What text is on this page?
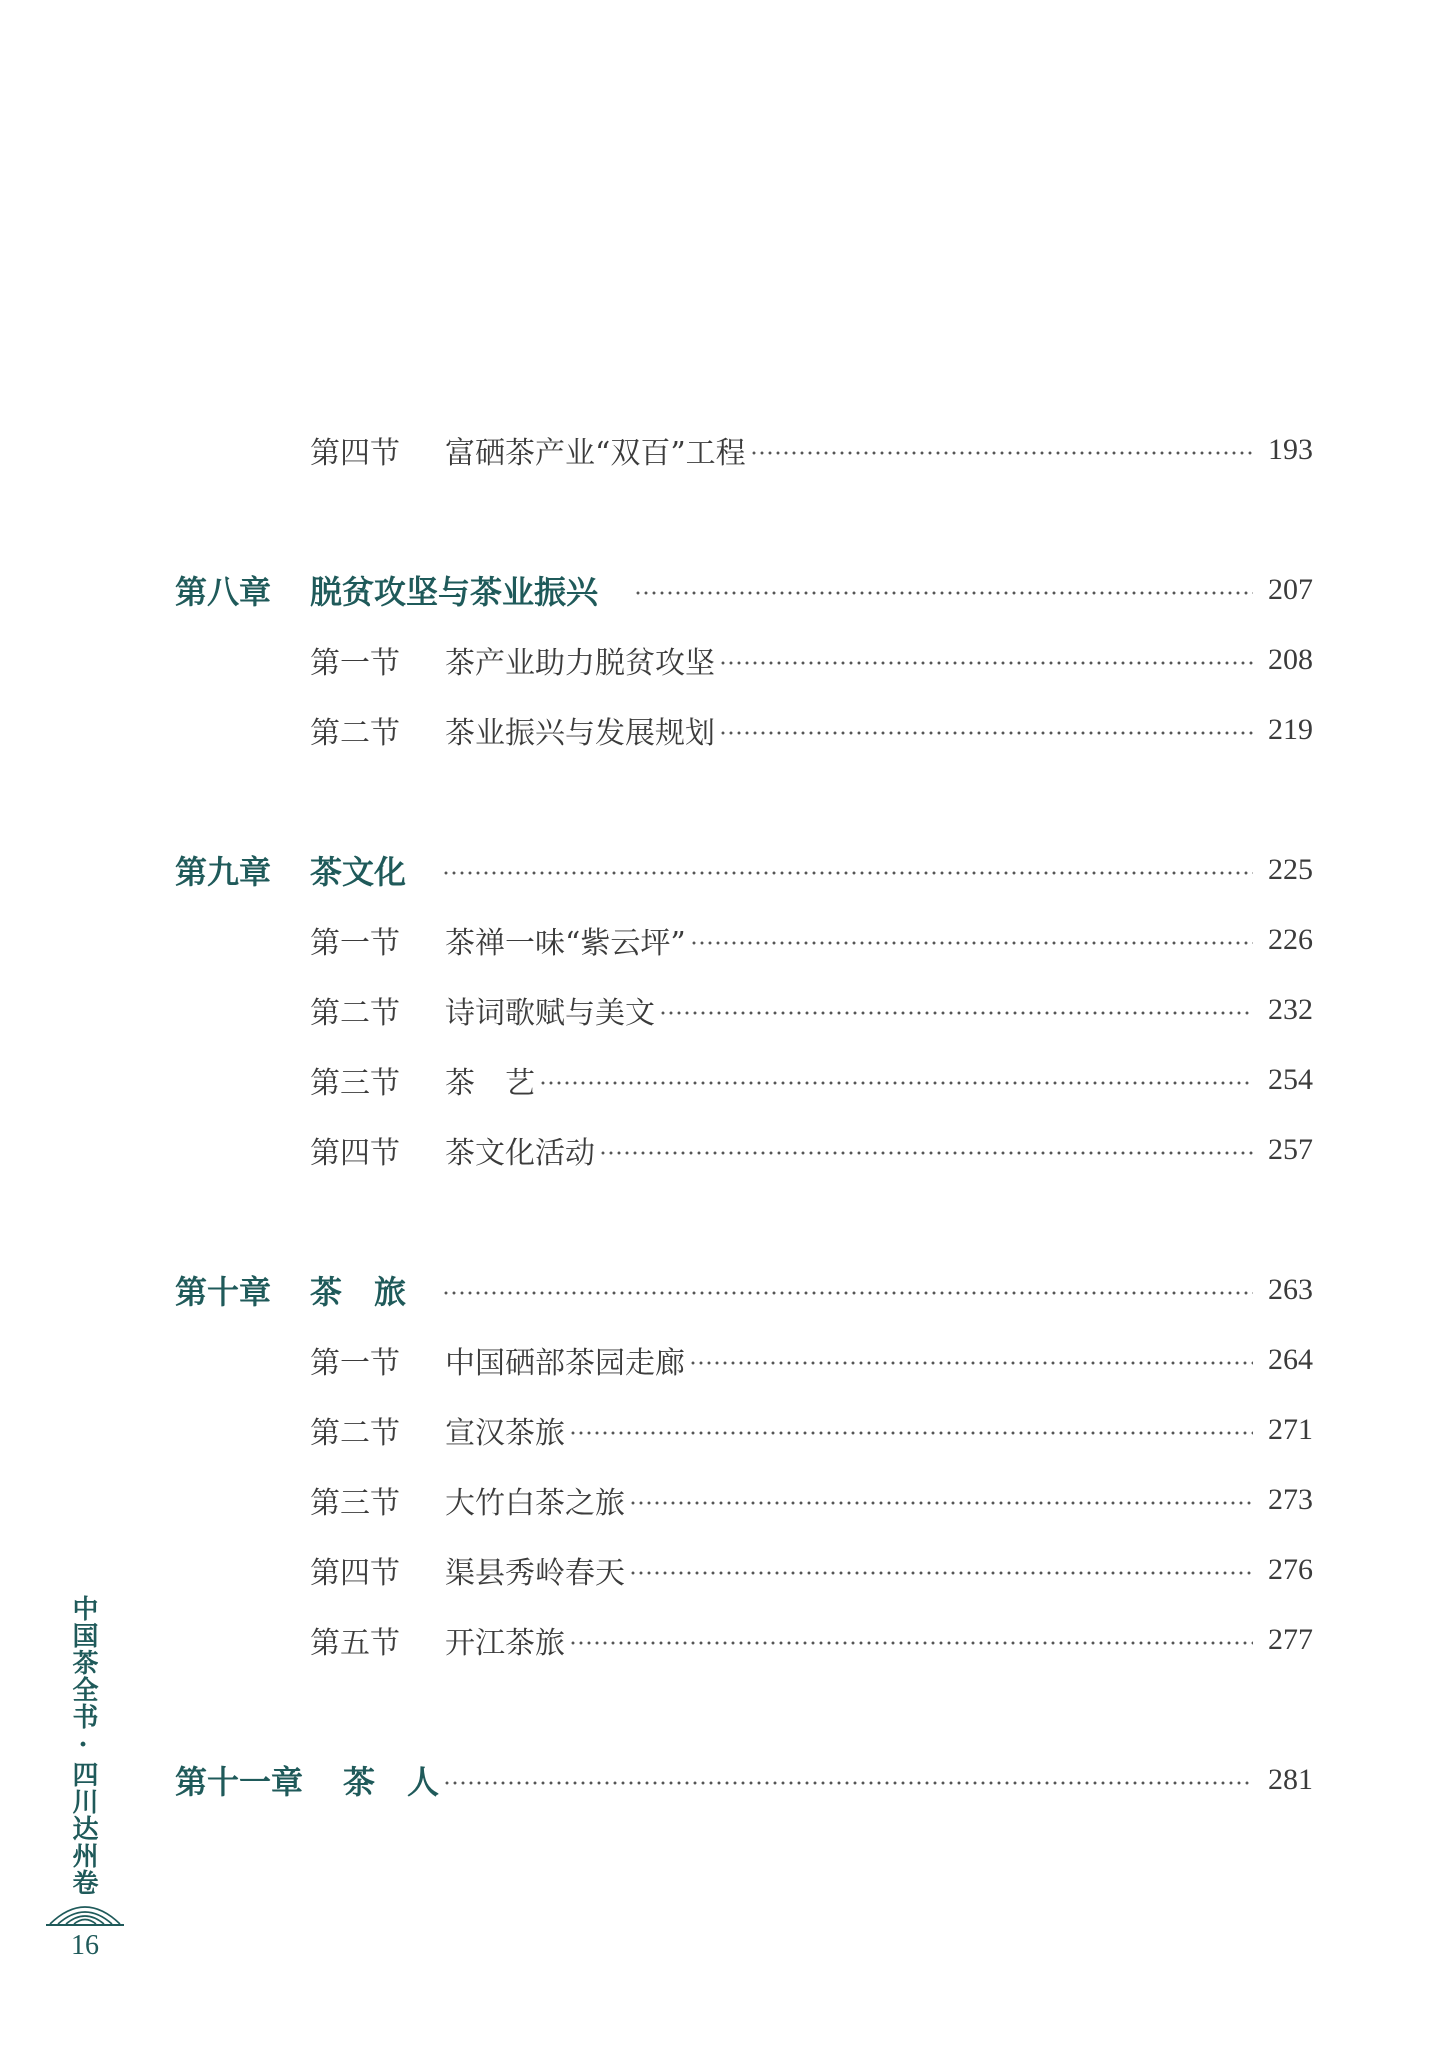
第四节	富硒茶产业“双百”工程	193
第八章	脱贫攻坚与茶业振兴	207
第一节	茶产业助力脱贫攻坚	208
第二节	茶业振兴与发展规划	219
第九章	茶文化	225
第一节	茶禅一味“紫云坪”	226
第二节	诗词歌赋与美文	232
第三节	茶　艺	254
第四节	茶文化活动	257
第十章	茶　旅	263
第一节	中国硒部茶园走廊	264
第二节	宣汉茶旅	271
第三节	大竹白茶之旅	273
第四节	渠县秀岭春天	276
第五节	开江茶旅	277
第十一章	茶　人	281
中国茶全书·四川达州卷
16
